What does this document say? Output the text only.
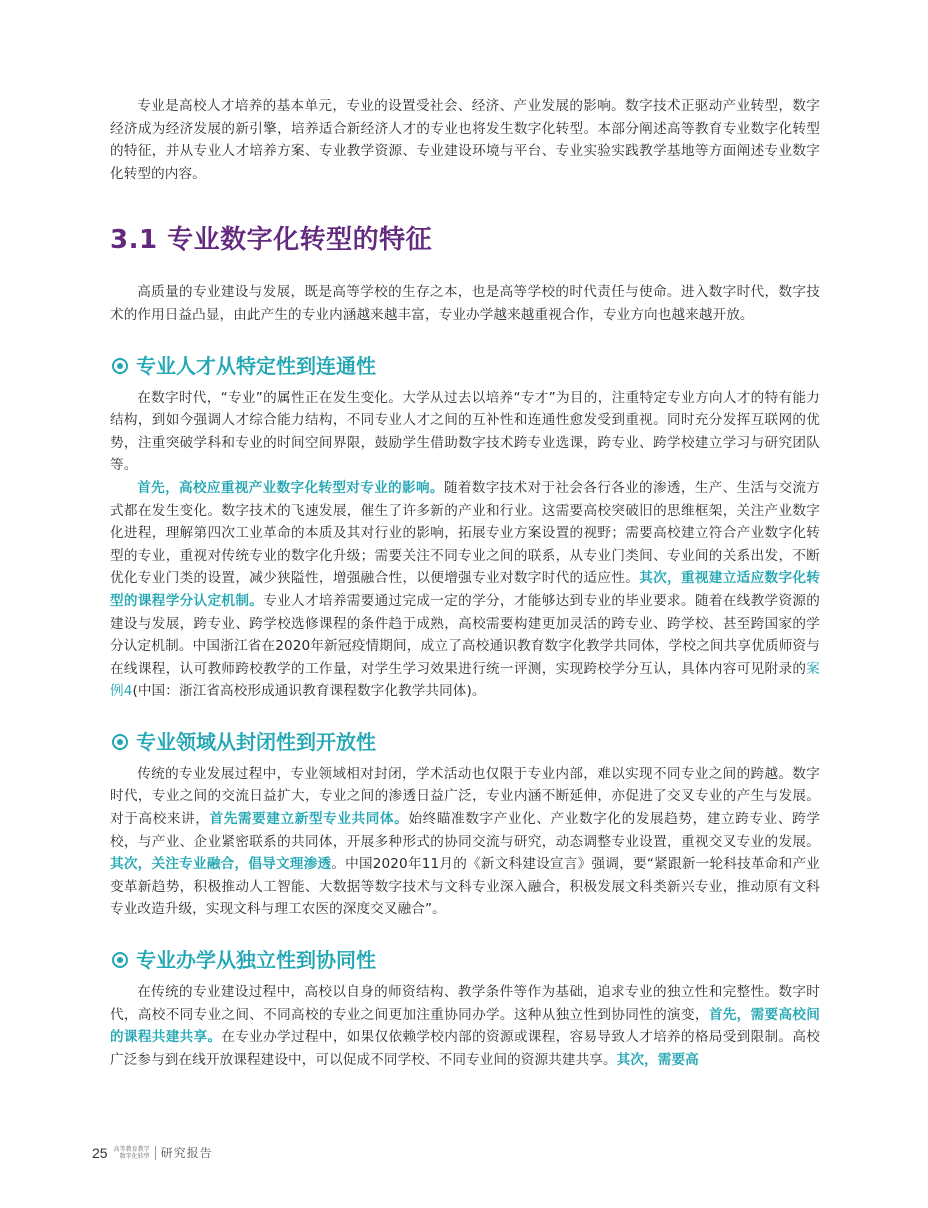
专业是高校人才培养的基本单元，专业的设置受社会、经济、产业发展的影响。数字技术正驱动产业转型，数字经济成为经济发展的新引擎，培养适合新经济人才的专业也将发生数字化转型。本部分阐述高等教育专业数字化转型的特征，并从专业人才培养方案、专业教学资源、专业建设环境与平台、专业实验实践教学基地等方面阐述专业数字化转型的内容。

3.1 专业数字化转型的特征

高质量的专业建设与发展，既是高等学校的生存之本，也是高等学校的时代责任与使命。进入数字时代，数字技术的作用日益凸显，由此产生的专业内涵越来越丰富，专业办学越来越重视合作，专业方向也越来越开放。

专业人才从特定性到连通性

在数字时代，“专业”的属性正在发生变化。大学从过去以培养“专才”为目的，注重特定专业方向人才的特有能力结构，到如今强调人才综合能力结构，不同专业人才之间的互补性和连通性愈发受到重视。同时充分发挥互联网的优势，注重突破学科和专业的时间空间界限，鼓励学生借助数字技术跨专业选课，跨专业、跨学校建立学习与研究团队等。

首先，高校应重视产业数字化转型对专业的影响。随着数字技术对于社会各行各业的渗透，生产、生活与交流方式都在发生变化。数字技术的飞速发展，催生了许多新的产业和行业。这需要高校突破旧的思维框架，关注产业数字化进程，理解第四次工业革命的本质及其对行业的影响，拓展专业方案设置的视野；需要高校建立符合产业数字化转型的专业，重视对传统专业的数字化升级；需要关注不同专业之间的联系，从专业门类间、专业间的关系出发，不断优化专业门类的设置，减少狭隘性，增强融合性，以便增强专业对数字时代的适应性。其次，重视建立适应数字化转型的课程学分认定机制。专业人才培养需要通过完成一定的学分，才能够达到专业的毕业要求。随着在线教学资源的建设与发展，跨专业、跨学校选修课程的条件趋于成熟，高校需要构建更加灵活的跨专业、跨学校、甚至跨国家的学分认定机制。中国浙江省在2020年新冠疫情期间，成立了高校通识教育数字化教学共同体，学校之间共享优质师资与在线课程，认可教师跨校教学的工作量，对学生学习效果进行统一评测，实现跨校学分互认，具体内容可见附录的案例4(中国：浙江省高校形成通识教育课程数字化教学共同体)。

专业领域从封闭性到开放性

传统的专业发展过程中，专业领域相对封闭，学术活动也仅限于专业内部，难以实现不同专业之间的跨越。数字时代，专业之间的交流日益扩大，专业之间的渗透日益广泛，专业内涵不断延伸，亦促进了交叉专业的产生与发展。对于高校来讲，首先需要建立新型专业共同体。始终瞄准数字产业化、产业数字化的发展趋势，建立跨专业、跨学校，与产业、企业紧密联系的共同体，开展多种形式的协同交流与研究，动态调整专业设置，重视交叉专业的发展。其次，关注专业融合，倡导文理渗透。中国2020年11月的《新文科建设宣言》强调，要“紧跟新一轮科技革命和产业变革新趋势，积极推动人工智能、大数据等数字技术与文科专业深入融合，积极发展文科类新兴专业，推动原有文科专业改造升级，实现文科与理工农医的深度交叉融合”。

专业办学从独立性到协同性

在传统的专业建设过程中，高校以自身的师资结构、教学条件等作为基础，追求专业的独立性和完整性。数字时代，高校不同专业之间、不同高校的专业之间更加注重协同办学。这种从独立性到协同性的演变，首先，需要高校间的课程共建共享。在专业办学过程中，如果仅依赖学校内部的资源或课程，容易导致人才培养的格局受到限制。高校广泛参与到在线开放课程建设中，可以促成不同学校、不同专业间的资源共建共享。其次，需要高

25 高等教育教学
数字化转型 研究报告
